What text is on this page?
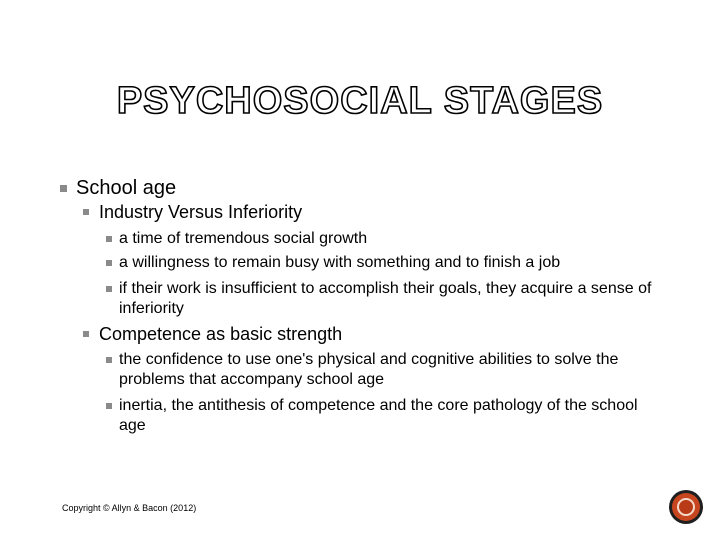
PSYCHOSOCIAL STAGES
School age
Industry Versus Inferiority
a time of tremendous social growth
a willingness to remain busy with something and to finish a job
if their work is insufficient to accomplish their goals, they acquire a sense of inferiority
Competence as basic strength
the confidence to use one's physical and cognitive abilities to solve the problems that accompany school age
inertia, the antithesis of competence and the core pathology of the school age
Copyright © Allyn & Bacon (2012)
